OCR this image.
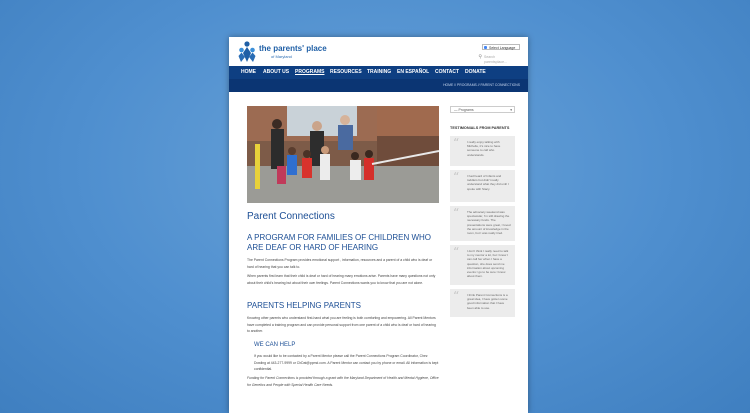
the parents' place
of Maryland
Select Language
⚲ Search parentsplace...
HOME ABOUT US PROGRAMS RESOURCES TRAINING EN ESPAÑOL CONTACT DONATE
HOME // PROGRAMS // PARENT CONNECTIONS
Parent Connections
A PROGRAM FOR FAMILIES OF CHILDREN WHO ARE DEAF OR HARD OF HEARING
The Parent Connections Program provides emotional support , information, resources and a parent of a child who is deaf or hard of hearing that you can talk to.
When parents first learn that their child is deaf or hard of hearing many emotions arise. Parents have many questions not only about their child's hearing but about their own feelings. Parent Connections wants you to know that you are not alone.
PARENTS HELPING PARENTS
Knowing other parents who understand first-hand what you are feeling is both comforting and empowering. All Parent Mentors have completed a training program and can provide personal support from one parent of a child who is deaf or hard of hearing to another.
WE CAN HELP
If you would like to be contacted by a Parent Mentor please call the Parent Connections Program Coordinator, Chez Dowling at 443-277-9999 or ChDat@ppmd.com. A Parent Mentor can contact you by phone or email. All information is kept confidential.
Funding for Parent Connections is provided through a grant with the Maryland Department of Health and Mental Hygiene, Office for Genetics and People with Special Health Care Needs.
— Programs	▾
TESTIMONIALS FROM PARENTS
“	I really enjoy talking with Michelle, it's nice to have someone to call who understands.
“	I had heard of Infants and toddlers but didn't really understand what they did until I spoke with Stacy.
“	The advocacy weekend was spectacular, I'm still drawing the necessary funds. The presentations were great, I loved the amount of knowledge in the room, but I was really tired.
“	I don't think I really need to talk to my mentor a lot, but I know I can call her when I have a question, she does send me information about upcoming events I go to be sure I know about them.
“	I think Parent Connections is a great idea, I have gotten some good information that I have been able to use.
